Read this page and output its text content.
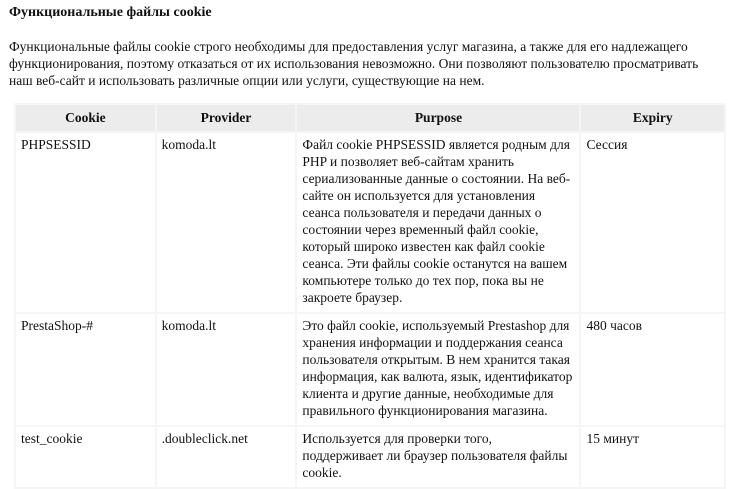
Функциональные файлы cookie

Функциональные файлы cookie строго необходимы для предоставления услуг магазина, а также для его надлежащего функционирования, поэтому отказаться от их использования невозможно. Они позволяют пользователю просматривать наш веб-сайт и использовать различные опции или услуги, существующие на нем.

Cookie	Provider	Purpose	Expiry
PHPSESSID	komoda.lt	Файл cookie PHPSESSID является родным для PHP и позволяет веб-сайтам хранить сериализованные данные о состоянии. На веб-сайте он используется для установления сеанса пользователя и передачи данных о состоянии через временный файл cookie, который широко известен как файл cookie сеанса. Эти файлы cookie останутся на вашем компьютере только до тех пор, пока вы не закроете браузер.	Сессия
PrestaShop-#	komoda.lt	Это файл cookie, используемый Prestashop для хранения информации и поддержания сеанса пользователя открытым. В нем хранится такая информация, как валюта, язык, идентификатор клиента и другие данные, необходимые для правильного функционирования магазина.	480 часов
test_cookie	.doubleclick.net	Используется для проверки того, поддерживает ли браузер пользователя файлы cookie.	15 минут
